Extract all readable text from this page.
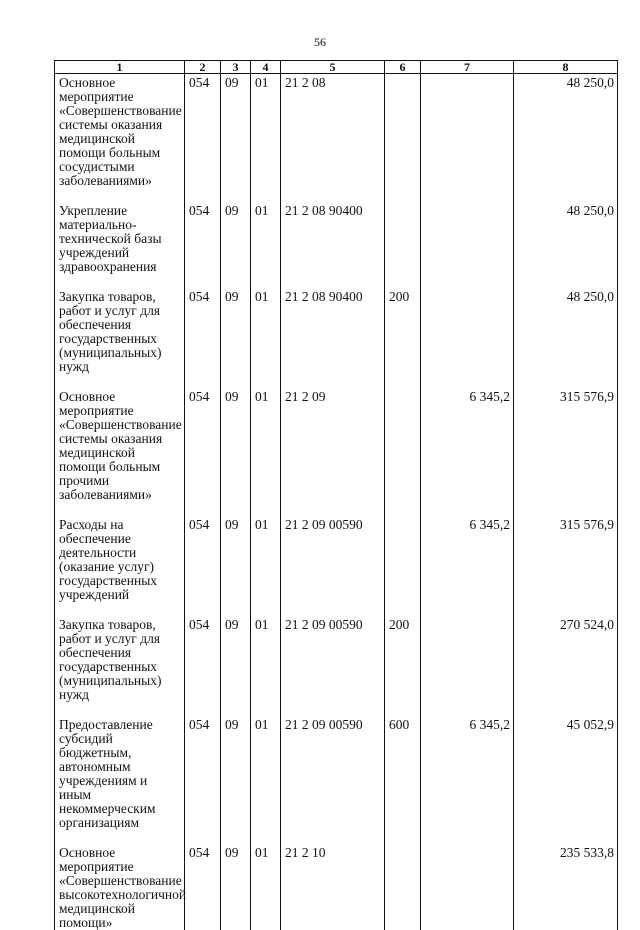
56
1	2	3	4	5	6	7	8
Основное мероприятие «Совершенствование системы оказания медицинской помощи больным сосудистыми заболеваниями»	054	09	01	21 2 08			48 250,0
Укрепление материально-технической базы учреждений здравоохранения	054	09	01	21 2 08 90400			48 250,0
Закупка товаров, работ и услуг для обеспечения государственных (муниципальных) нужд	054	09	01	21 2 08 90400	200		48 250,0
Основное мероприятие «Совершенствование системы оказания медицинской помощи больным прочими заболеваниями»	054	09	01	21 2 09		6 345,2	315 576,9
Расходы на обеспечение деятельности (оказание услуг) государственных учреждений	054	09	01	21 2 09 00590		6 345,2	315 576,9
Закупка товаров, работ и услуг для обеспечения государственных (муниципальных) нужд	054	09	01	21 2 09 00590	200		270 524,0
Предоставление субсидий бюджетным, автономным учреждениям и иным некоммерческим организациям	054	09	01	21 2 09 00590	600	6 345,2	45 052,9
Основное мероприятие «Совершенствование высокотехнологичной медицинской помощи»	054	09	01	21 2 10			235 533,8
